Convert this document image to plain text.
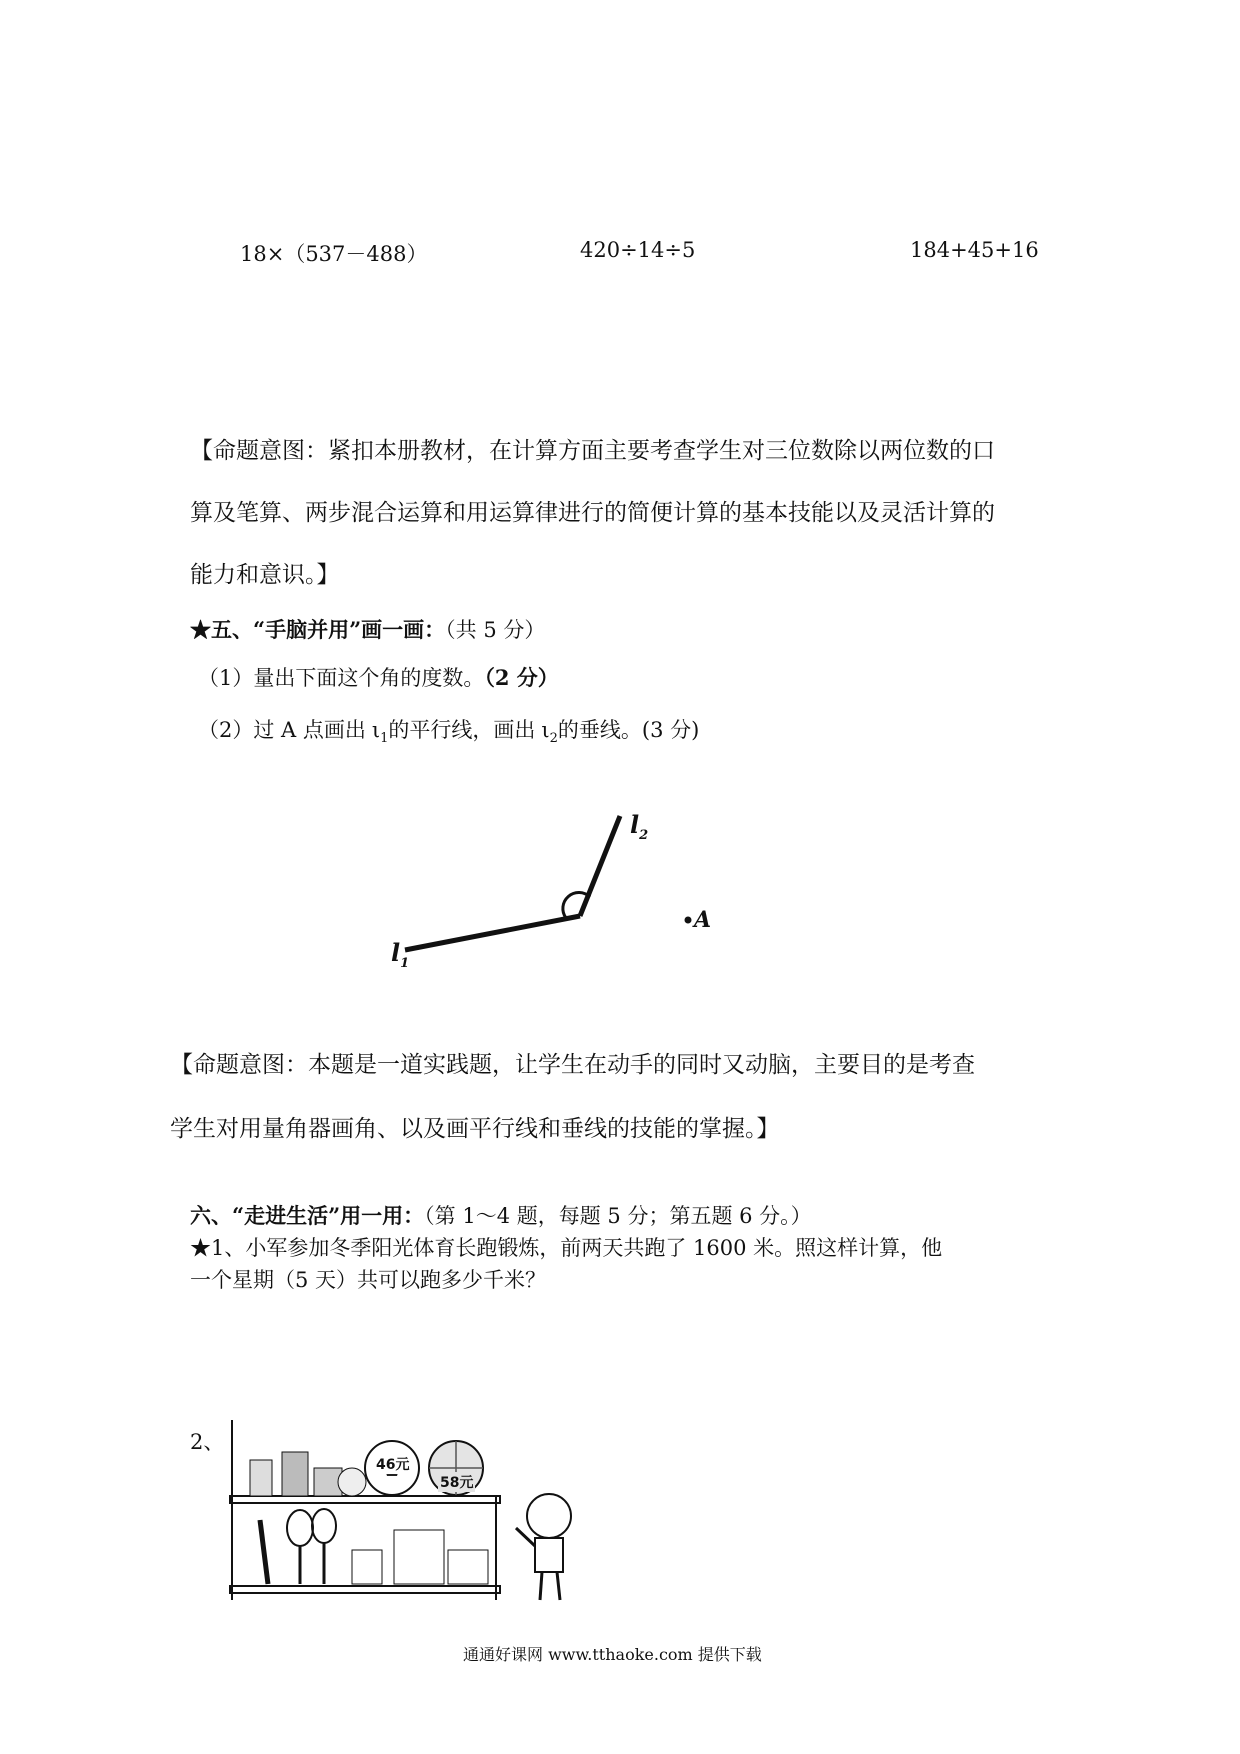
18×（537－488）	420÷14÷5	184+45+16
【命题意图：紧扣本册教材，在计算方面主要考查学生对三位数除以两位数的口
算及笔算、两步混合运算和用运算律进行的简便计算的基本技能以及灵活计算的
能力和意识。】
★五、“手脑并用”画一画：（共 5 分）
（1）量出下面这个角的度数。（2 分）
（2）过 A 点画出 $\iota_1$的平行线，画出 $\iota_2$的垂线。(3 分)
$l_1$
$l_2$
A
【命题意图：本题是一道实践题，让学生在动手的同时又动脑，主要目的是考查
学生对用量角器画角、以及画平行线和垂线的技能的掌握。】
六、“走进生活”用一用：（第 1～4 题，每题 5 分；第五题 6 分。）
★1、小军参加冬季阳光体育长跑锻炼，前两天共跑了 1600 米。照这样计算，他
一个星期（5 天）共可以跑多少千米？
2、
46元
58元
通通好课网 www.tthaoke.com 提供下载
